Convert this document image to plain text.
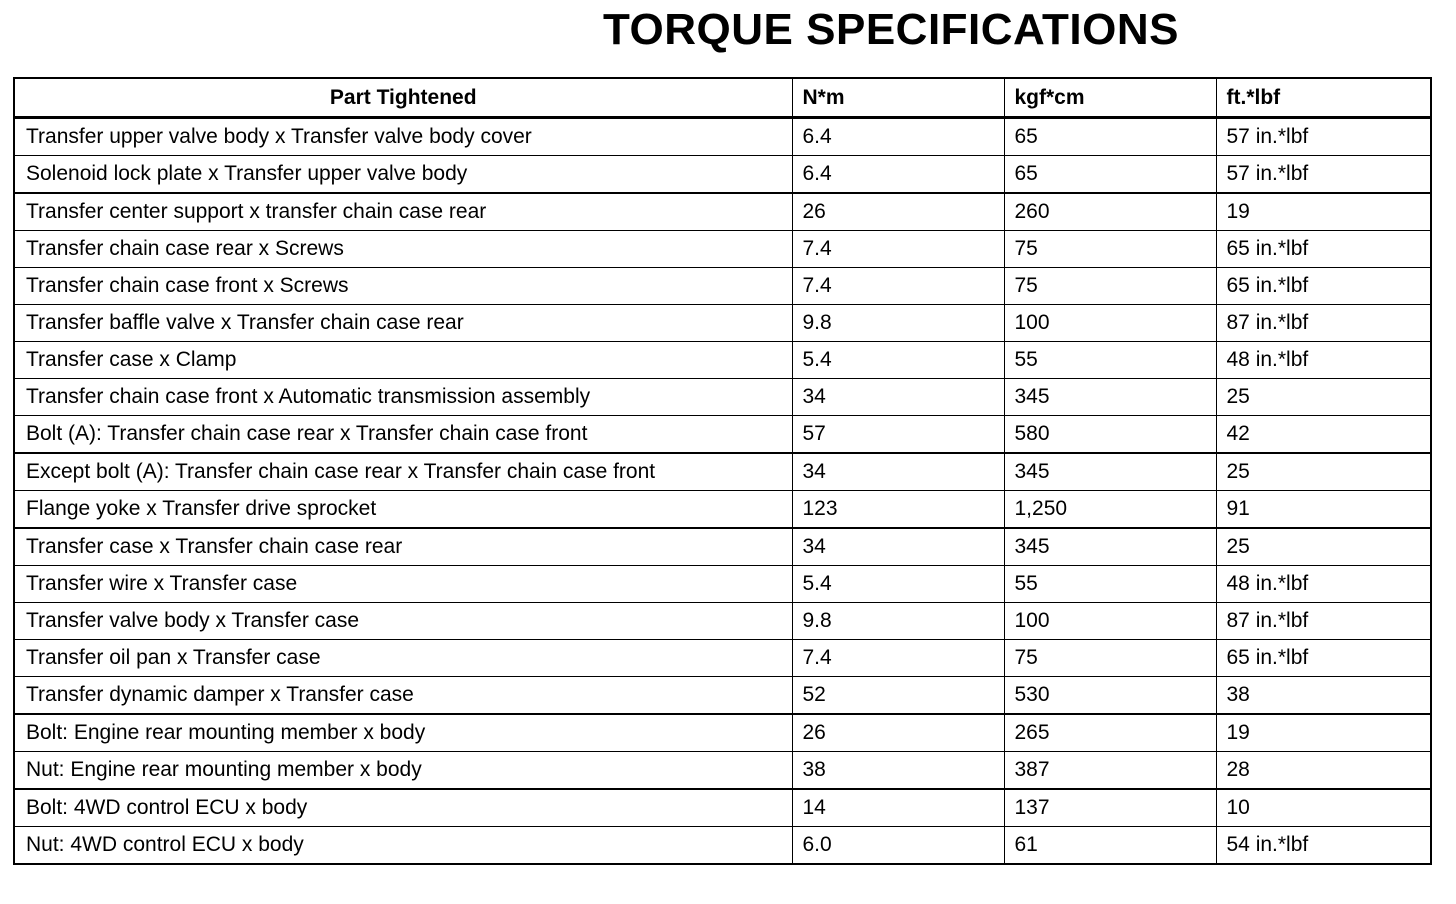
TORQUE SPECIFICATIONS
Part Tightened	N*m	kgf*cm	ft.*lbf
Transfer upper valve body x Transfer valve body cover	6.4	65	57 in.*lbf
Solenoid lock plate x Transfer upper valve body	6.4	65	57 in.*lbf
Transfer center support x transfer chain case rear	26	260	19
Transfer chain case rear x Screws	7.4	75	65 in.*lbf
Transfer chain case front x Screws	7.4	75	65 in.*lbf
Transfer baffle valve x Transfer chain case rear	9.8	100	87 in.*lbf
Transfer case x Clamp	5.4	55	48 in.*lbf
Transfer chain case front x Automatic transmission assembly	34	345	25
Bolt (A): Transfer chain case rear x Transfer chain case front	57	580	42
Except bolt (A): Transfer chain case rear x Transfer chain case front	34	345	25
Flange yoke x Transfer drive sprocket	123	1,250	91
Transfer case x Transfer chain case rear	34	345	25
Transfer wire x Transfer case	5.4	55	48 in.*lbf
Transfer valve body x Transfer case	9.8	100	87 in.*lbf
Transfer oil pan x Transfer case	7.4	75	65 in.*lbf
Transfer dynamic damper x Transfer case	52	530	38
Bolt: Engine rear mounting member x body	26	265	19
Nut: Engine rear mounting member x body	38	387	28
Bolt: 4WD control ECU x body	14	137	10
Nut: 4WD control ECU x body	6.0	61	54 in.*lbf
